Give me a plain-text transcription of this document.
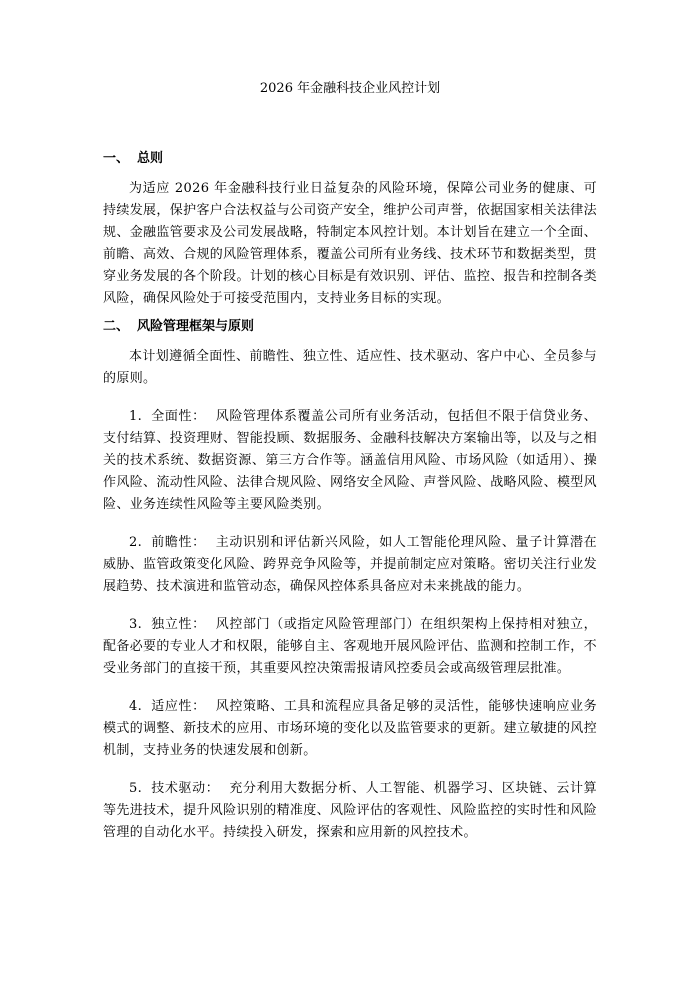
2026 年金融科技企业风控计划
一、 总则

为适应 2026 年金融科技行业日益复杂的风险环境，保障公司业务的健康、可持续发展，保护客户合法权益与公司资产安全，维护公司声誉，依据国家相关法律法规、金融监管要求及公司发展战略，特制定本风控计划。本计划旨在建立一个全面、前瞻、高效、合规的风险管理体系，覆盖公司所有业务线、技术环节和数据类型，贯穿业务发展的各个阶段。计划的核心目标是有效识别、评估、监控、报告和控制各类风险，确保风险处于可接受范围内，支持业务目标的实现。

二、 风险管理框架与原则

本计划遵循全面性、前瞻性、独立性、适应性、技术驱动、客户中心、全员参与的原则。

1. 全面性： 风险管理体系覆盖公司所有业务活动，包括但不限于信贷业务、支付结算、投资理财、智能投顾、数据服务、金融科技解决方案输出等，以及与之相关的技术系统、数据资源、第三方合作等。涵盖信用风险、市场风险（如适用）、操作风险、流动性风险、法律合规风险、网络安全风险、声誉风险、战略风险、模型风险、业务连续性风险等主要风险类别。
2. 前瞻性： 主动识别和评估新兴风险，如人工智能伦理风险、量子计算潜在威胁、监管政策变化风险、跨界竞争风险等，并提前制定应对策略。密切关注行业发展趋势、技术演进和监管动态，确保风控体系具备应对未来挑战的能力。
3. 独立性： 风控部门（或指定风险管理部门）在组织架构上保持相对独立，配备必要的专业人才和权限，能够自主、客观地开展风险评估、监测和控制工作，不受业务部门的直接干预，其重要风控决策需报请风控委员会或高级管理层批准。
4. 适应性： 风控策略、工具和流程应具备足够的灵活性，能够快速响应业务模式的调整、新技术的应用、市场环境的变化以及监管要求的更新。建立敏捷的风控机制，支持业务的快速发展和创新。
5. 技术驱动： 充分利用大数据分析、人工智能、机器学习、区块链、云计算等先进技术，提升风险识别的精准度、风险评估的客观性、风险监控的实时性和风险管理的自动化水平。持续投入研发，探索和应用新的风控技术。
